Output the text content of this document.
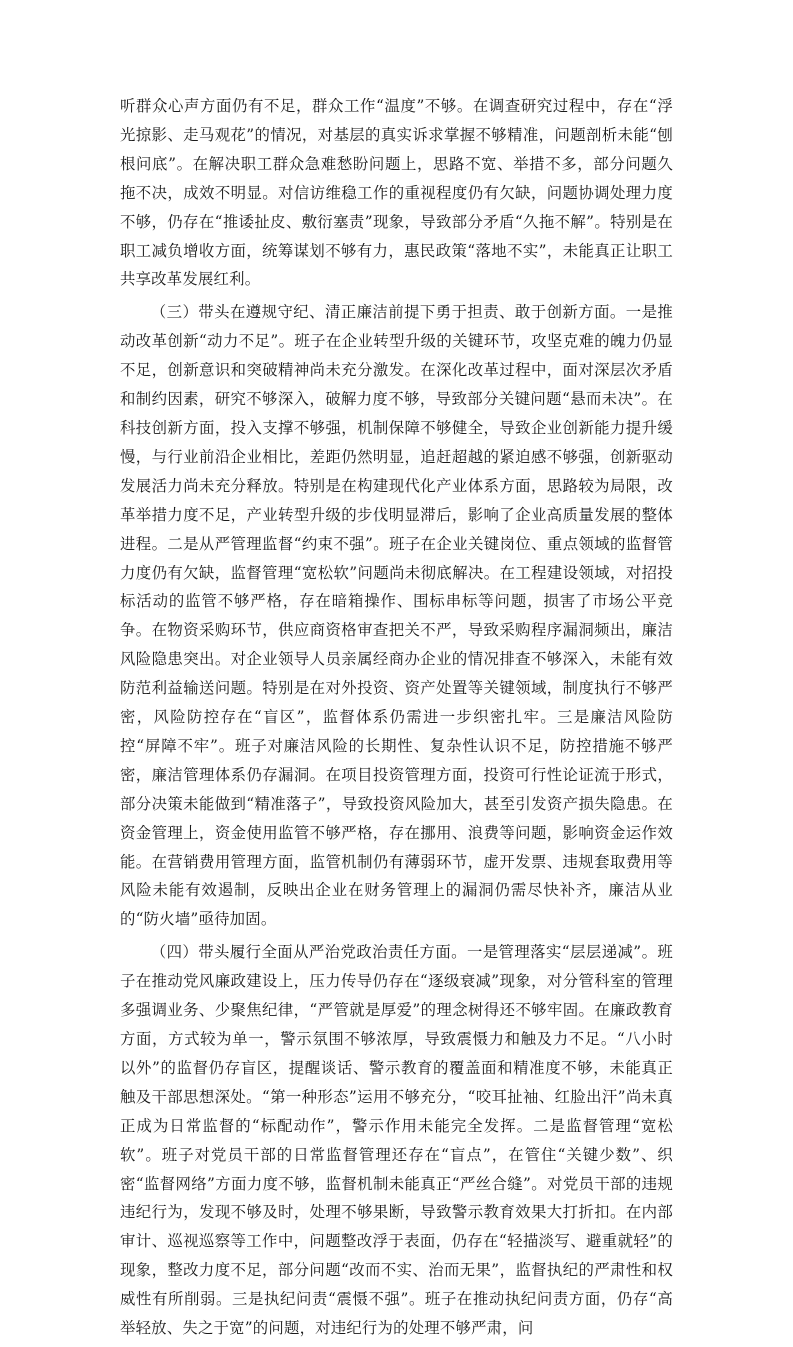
听群众心声方面仍有不足，群众工作“温度”不够。在调查研究过程中，存在“浮光掠影、走马观花”的情况，对基层的真实诉求掌握不够精准，问题剖析未能“刨根问底”。在解决职工群众急难愁盼问题上，思路不宽、举措不多，部分问题久拖不决，成效不明显。对信访维稳工作的重视程度仍有欠缺，问题协调处理力度不够，仍存在“推诿扯皮、敷衍塞责”现象，导致部分矛盾“久拖不解”。特别是在职工减负增收方面，统筹谋划不够有力，惠民政策“落地不实”，未能真正让职工共享改革发展红利。

（三）带头在遵规守纪、清正廉洁前提下勇于担责、敢于创新方面。一是推动改革创新“动力不足”。班子在企业转型升级的关键环节，攻坚克难的魄力仍显不足，创新意识和突破精神尚未充分激发。在深化改革过程中，面对深层次矛盾和制约因素，研究不够深入，破解力度不够，导致部分关键问题“悬而未决”。在科技创新方面，投入支撑不够强，机制保障不够健全，导致企业创新能力提升缓慢，与行业前沿企业相比，差距仍然明显，追赶超越的紧迫感不够强，创新驱动发展活力尚未充分释放。特别是在构建现代化产业体系方面，思路较为局限，改革举措力度不足，产业转型升级的步伐明显滞后，影响了企业高质量发展的整体进程。二是从严管理监督“约束不强”。班子在企业关键岗位、重点领域的监督管力度仍有欠缺，监督管理“宽松软”问题尚未彻底解决。在工程建设领域，对招投标活动的监管不够严格，存在暗箱操作、围标串标等问题，损害了市场公平竞争。在物资采购环节，供应商资格审查把关不严，导致采购程序漏洞频出，廉洁风险隐患突出。对企业领导人员亲属经商办企业的情况排查不够深入，未能有效防范利益输送问题。特别是在对外投资、资产处置等关键领域，制度执行不够严密，风险防控存在“盲区”，监督体系仍需进一步织密扎牢。三是廉洁风险防控“屏障不牢”。班子对廉洁风险的长期性、复杂性认识不足，防控措施不够严密，廉洁管理体系仍存漏洞。在项目投资管理方面，投资可行性论证流于形式，部分决策未能做到“精准落子”，导致投资风险加大，甚至引发资产损失隐患。在资金管理上，资金使用监管不够严格，存在挪用、浪费等问题，影响资金运作效能。在营销费用管理方面，监管机制仍有薄弱环节，虚开发票、违规套取费用等风险未能有效遏制，反映出企业在财务管理上的漏洞仍需尽快补齐，廉洁从业的“防火墙”亟待加固。

（四）带头履行全面从严治党政治责任方面。一是管理落实“层层递减”。班子在推动党风廉政建设上，压力传导仍存在“逐级衰减”现象，对分管科室的管理多强调业务、少聚焦纪律，“严管就是厚爱”的理念树得还不够牢固。在廉政教育方面，方式较为单一，警示氛围不够浓厚，导致震慑力和触及力不足。“八小时以外”的监督仍存盲区，提醒谈话、警示教育的覆盖面和精准度不够，未能真正触及干部思想深处。“第一种形态”运用不够充分，“咬耳扯袖、红脸出汗”尚未真正成为日常监督的“标配动作”，警示作用未能完全发挥。二是监督管理“宽松软”。班子对党员干部的日常监督管理还存在“盲点”，在管住“关键少数”、织密“监督网络”方面力度不够，监督机制未能真正“严丝合缝”。对党员干部的违规违纪行为，发现不够及时，处理不够果断，导致警示教育效果大打折扣。在内部审计、巡视巡察等工作中，问题整改浮于表面，仍存在“轻描淡写、避重就轻”的现象，整改力度不足，部分问题“改而不实、治而无果”，监督执纪的严肃性和权威性有所削弱。三是执纪问责“震慑不强”。班子在推动执纪问责方面，仍存“高举轻放、失之于宽”的问题，对违纪行为的处理不够严肃，问
